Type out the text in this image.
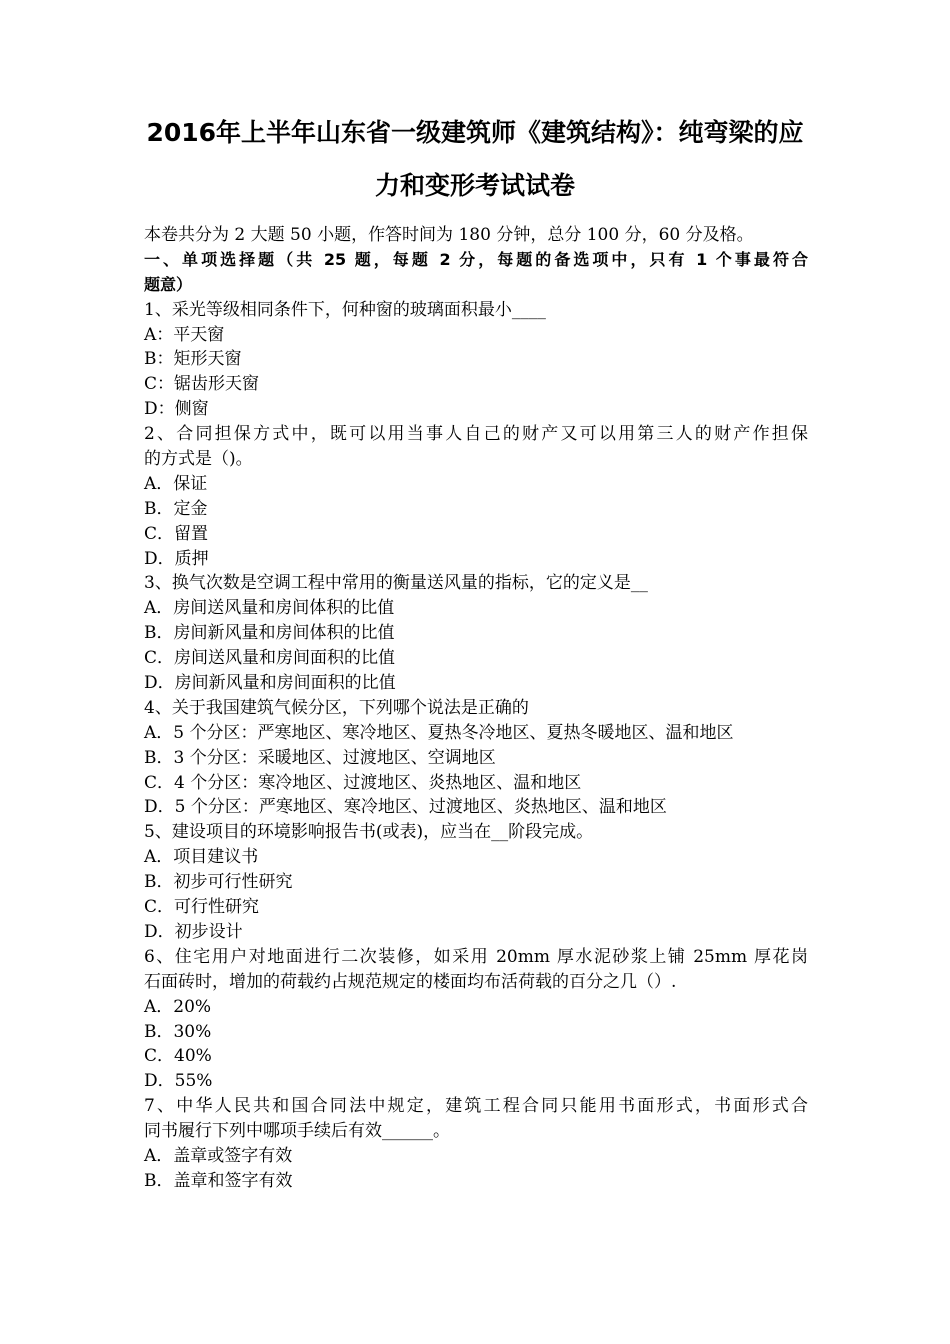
2016年上半年山东省一级建筑师《建筑结构》：纯弯梁的应
力和变形考试试卷
本卷共分为 2 大题 50 小题，作答时间为 180 分钟，总分 100 分，60 分及格。
一、单项选择题（共 25 题，每题 2 分，每题的备选项中，只有 1 个事最符合
题意）
1、采光等级相同条件下，何种窗的玻璃面积最小____
A：平天窗
B：矩形天窗
C：锯齿形天窗
D：侧窗
2、合同担保方式中，既可以用当事人自己的财产又可以用第三人的财产作担保
的方式是（)。
A．保证
B．定金
C．留置
D．质押
3、换气次数是空调工程中常用的衡量送风量的指标，它的定义是__
A．房间送风量和房间体积的比值
B．房间新风量和房间体积的比值
C．房间送风量和房间面积的比值
D．房间新风量和房间面积的比值
4、关于我国建筑气候分区，下列哪个说法是正确的
A．5 个分区：严寒地区、寒冷地区、夏热冬冷地区、夏热冬暖地区、温和地区
B．3 个分区：采暖地区、过渡地区、空调地区
C．4 个分区：寒冷地区、过渡地区、炎热地区、温和地区
D．5 个分区：严寒地区、寒冷地区、过渡地区、炎热地区、温和地区
5、建设项目的环境影响报告书(或表)，应当在__阶段完成。
A．项目建议书
B．初步可行性研究
C．可行性研究
D．初步设计
6、住宅用户对地面进行二次装修，如采用 20mm 厚水泥砂浆上铺 25mm 厚花岗
石面砖时，增加的荷载约占规范规定的楼面均布活荷载的百分之几（）.
A．20%
B．30%
C．40%
D．55%
7、中华人民共和国合同法中规定，建筑工程合同只能用书面形式，书面形式合
同书履行下列中哪项手续后有效______。
A．盖章或签字有效
B．盖章和签字有效
